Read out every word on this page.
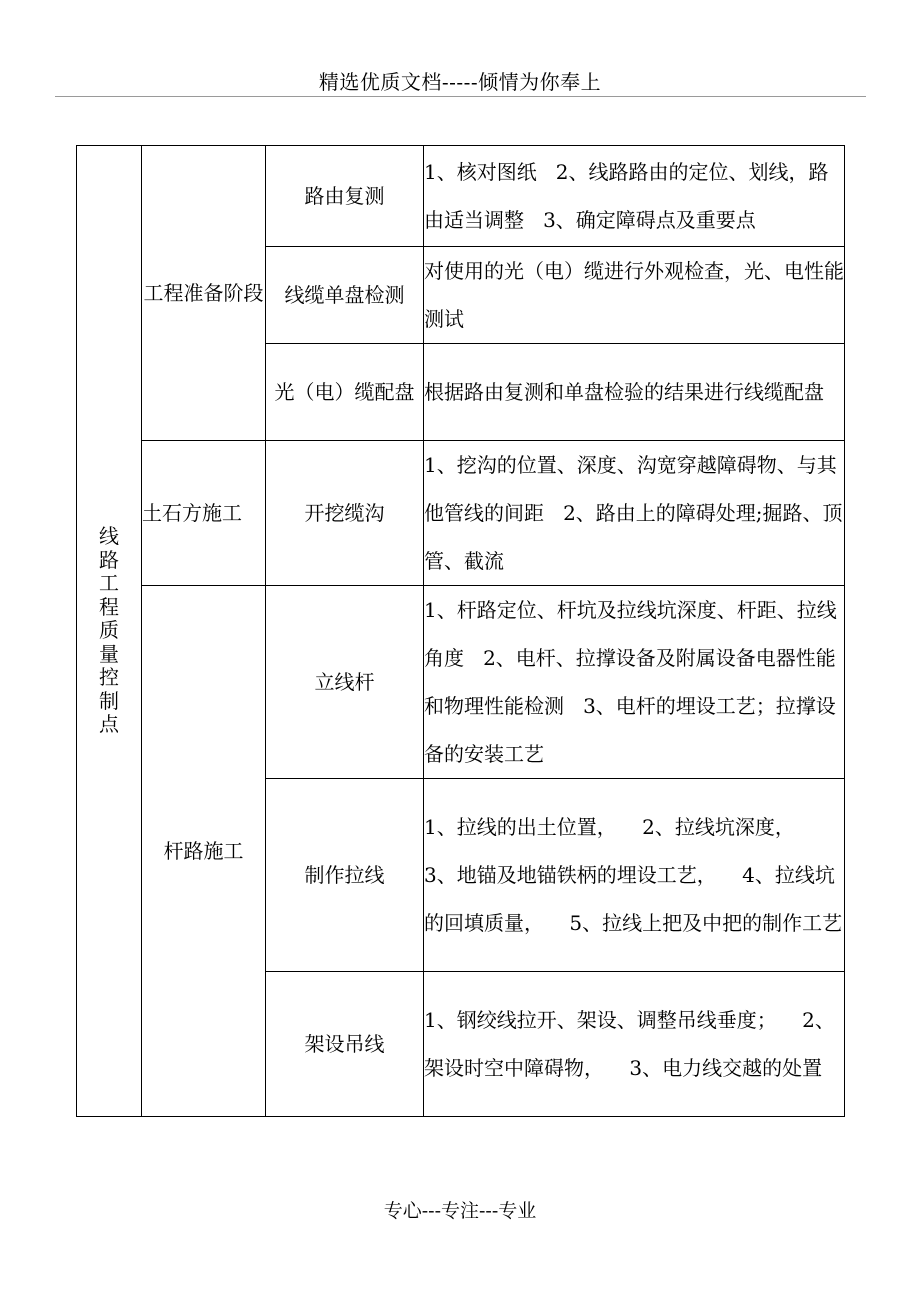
精选优质文档-----倾情为你奉上
线路工程质量控制点	工程准备阶段	路由复测	1、核对图纸   2、线路路由的定位、划线，路由适当调整   3、确定障碍点及重要点

		线缆单盘检测	对使用的光（电）缆进行外观检查，光、电性能测试

		光（电）缆配盘	根据路由复测和单盘检验的结果进行线缆配盘

	土石方施工	开挖缆沟	1、挖沟的位置、深度、沟宽穿越障碍物、与其他管线的间距   2、路由上的障碍处理;掘路、顶管、截流

	杆路施工	立线杆	1、杆路定位、杆坑及拉线坑深度、杆距、拉线角度   2、电杆、拉撑设备及附属设备电器性能和物理性能检测   3、电杆的埋设工艺；拉撑设备的安装工艺

		制作拉线	1、拉线的出土位置，    2、拉线坑深度，    3、地锚及地锚铁柄的埋设工艺，    4、拉线坑的回填质量，    5、拉线上把及中把的制作工艺

		架设吊线	1、钢绞线拉开、架设、调整吊线垂度；    2、架设时空中障碍物，    3、电力线交越的处置
专心---专注---专业
